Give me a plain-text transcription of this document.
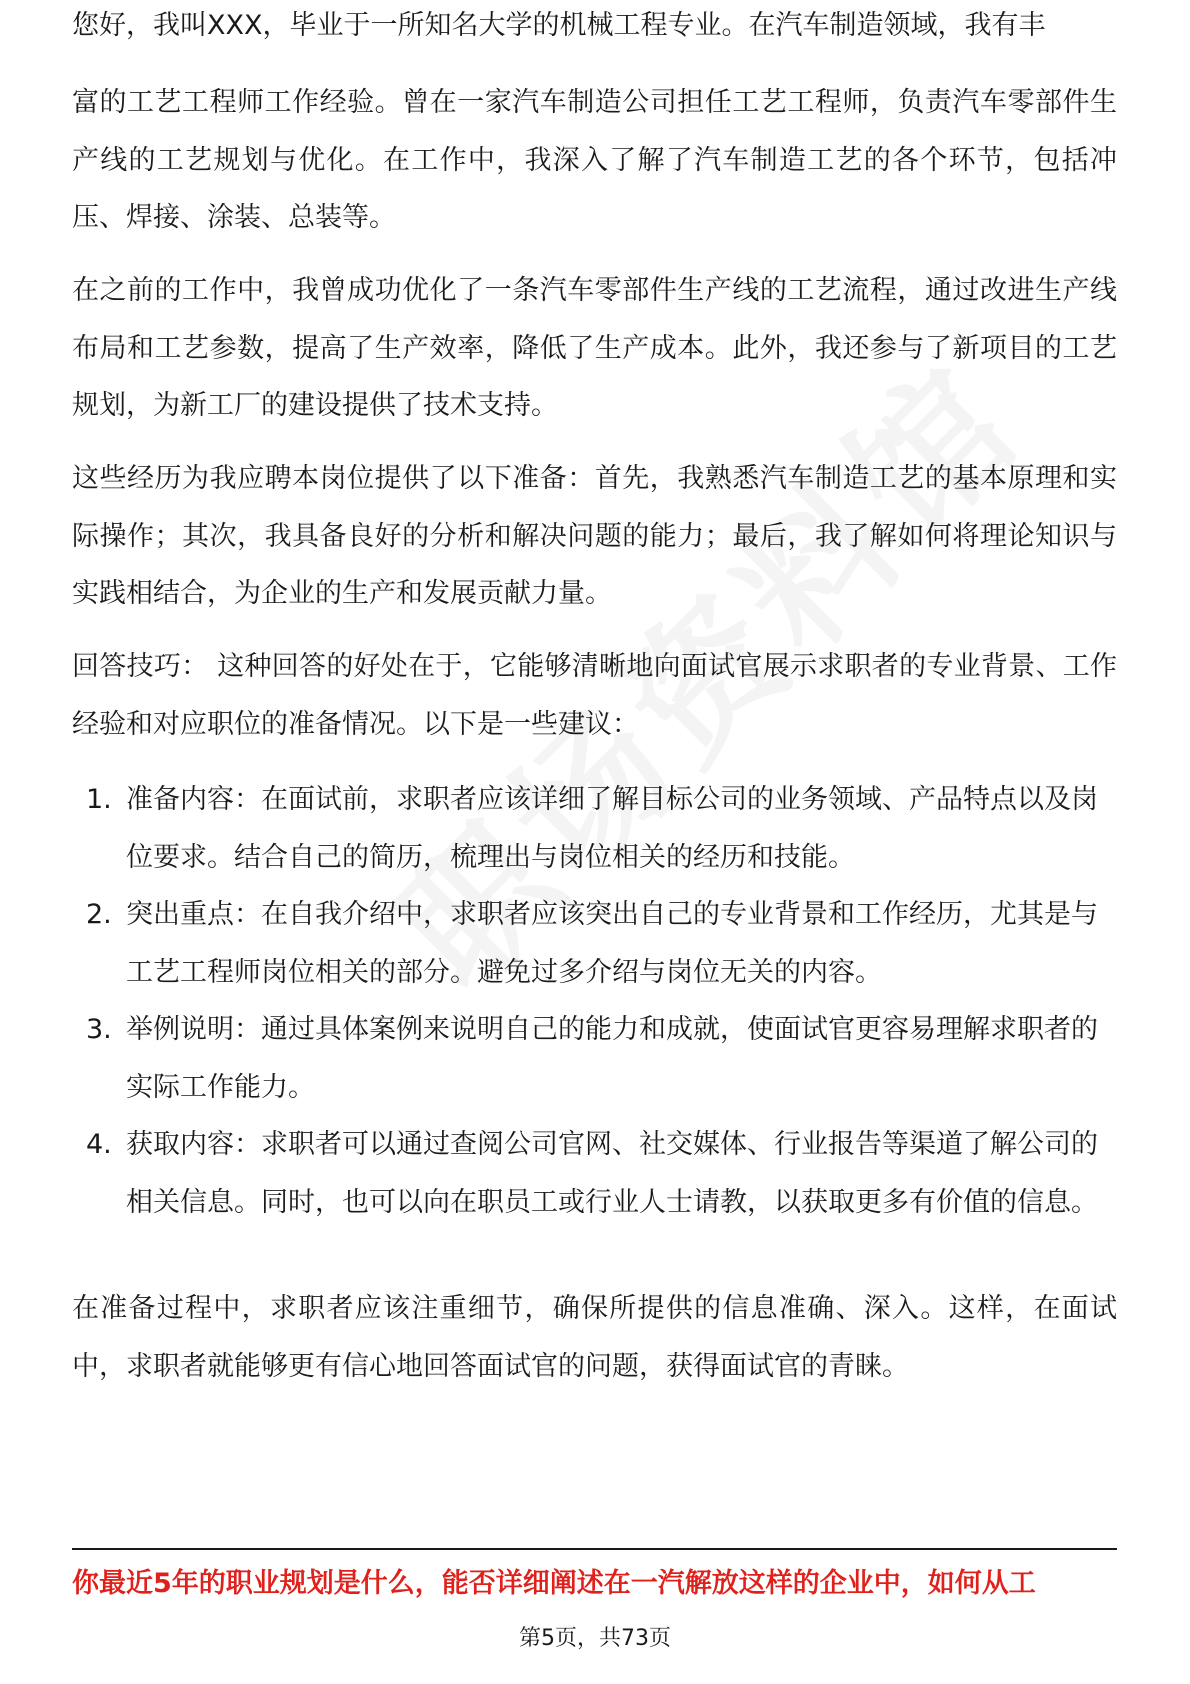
您好，我叫XXX，毕业于一所知名大学的机械工程专业。在汽车制造领域，我有丰

富的工艺工程师工作经验。曾在一家汽车制造公司担任工艺工程师，负责汽车零部件生产线的工艺规划与优化。在工作中，我深入了解了汽车制造工艺的各个环节，包括冲压、焊接、涂装、总装等。

在之前的工作中，我曾成功优化了一条汽车零部件生产线的工艺流程，通过改进生产线布局和工艺参数，提高了生产效率，降低了生产成本。此外，我还参与了新项目的工艺规划，为新工厂的建设提供了技术支持。

这些经历为我应聘本岗位提供了以下准备：首先，我熟悉汽车制造工艺的基本原理和实际操作；其次，我具备良好的分析和解决问题的能力；最后，我了解如何将理论知识与实践相结合，为企业的生产和发展贡献力量。

回答技巧： 这种回答的好处在于，它能够清晰地向面试官展示求职者的专业背景、工作经验和对应职位的准备情况。以下是一些建议：

1. 准备内容：在面试前，求职者应该详细了解目标公司的业务领域、产品特点以及岗位要求。结合自己的简历，梳理出与岗位相关的经历和技能。
2. 突出重点：在自我介绍中，求职者应该突出自己的专业背景和工作经历，尤其是与工艺工程师岗位相关的部分。避免过多介绍与岗位无关的内容。
3. 举例说明：通过具体案例来说明自己的能力和成就，使面试官更容易理解求职者的实际工作能力。
4. 获取内容：求职者可以通过查阅公司官网、社交媒体、行业报告等渠道了解公司的相关信息。同时，也可以向在职员工或行业人士请教，以获取更多有价值的信息。

在准备过程中，求职者应该注重细节，确保所提供的信息准确、深入。这样，在面试中，求职者就能够更有信心地回答面试官的问题，获得面试官的青睐。

你最近5年的职业规划是什么，能否详细阐述在一汽解放这样的企业中，如何从工
第5页，共73页
